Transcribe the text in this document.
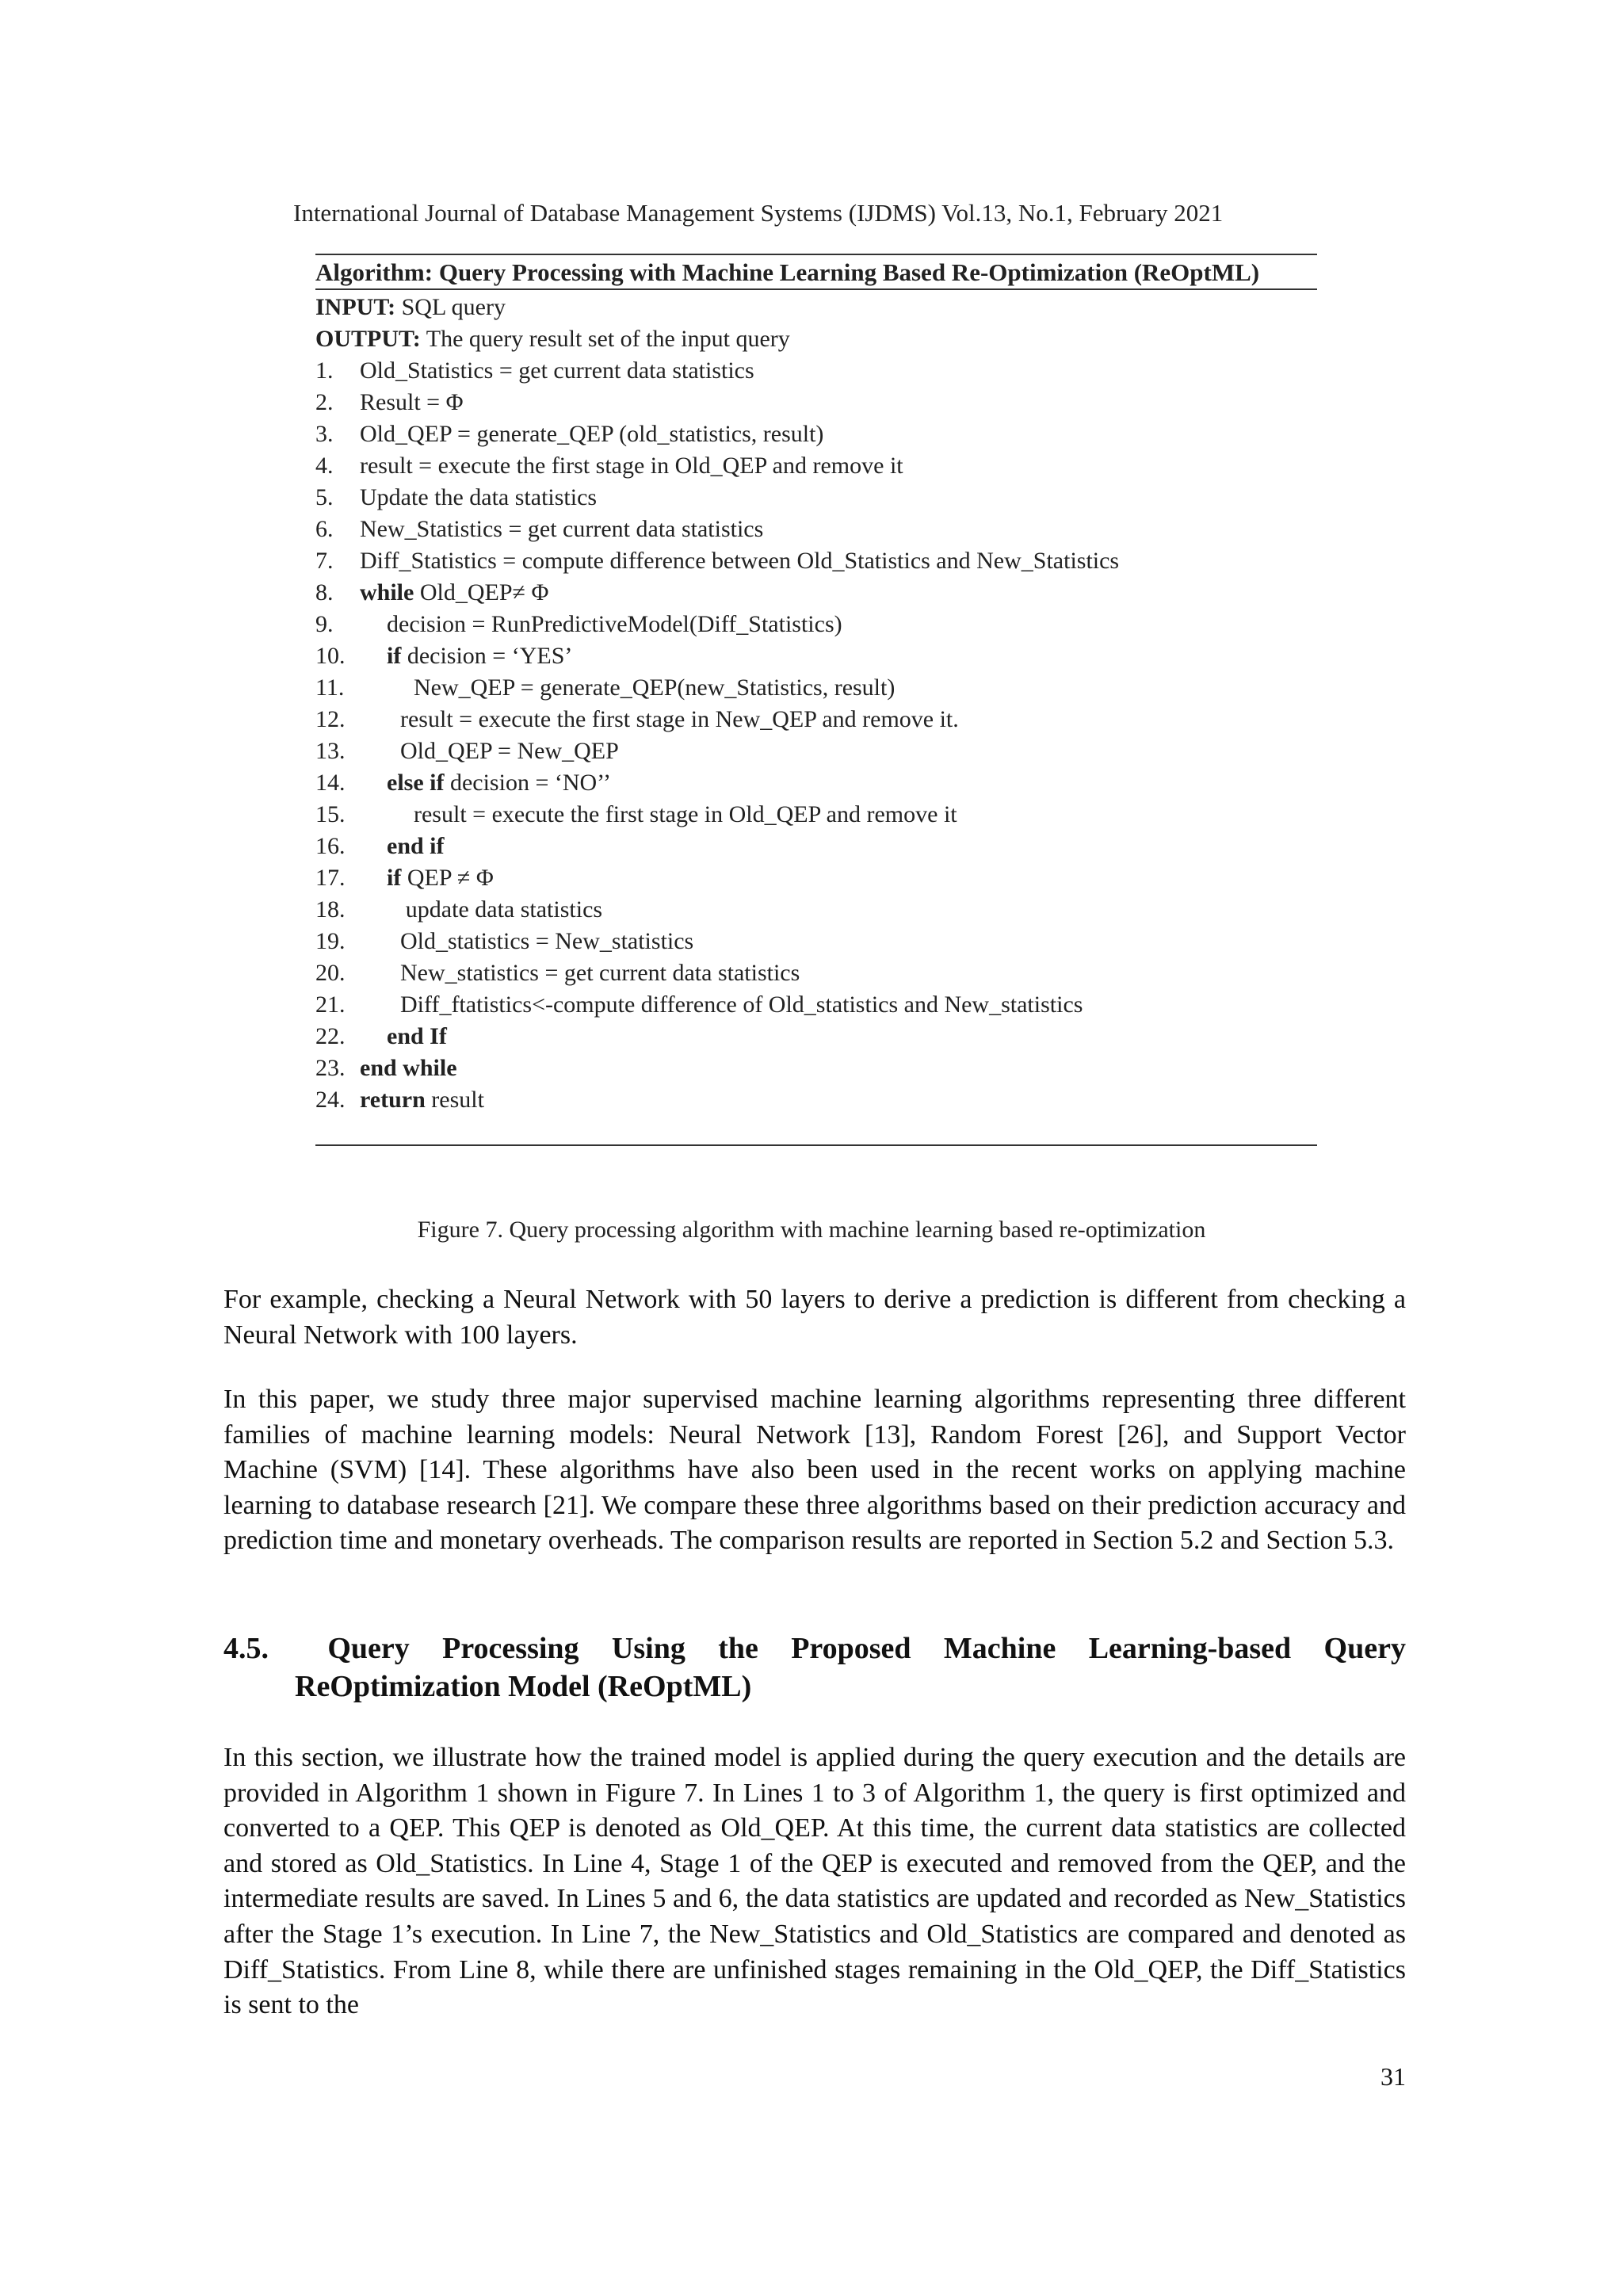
International Journal of Database Management Systems (IJDMS) Vol.13, No.1, February 2021
Algorithm: Query Processing with Machine Learning Based Re-Optimization (ReOptML)
INPUT: SQL query
OUTPUT: The query result set of the input query
1.	Old_Statistics = get current data statistics
2.	Result = Φ
3.	Old_QEP = generate_QEP (old_statistics, result)
4.	result = execute the first stage in Old_QEP and remove it
5.	Update the data statistics
6.	New_Statistics = get current data statistics
7.	Diff_Statistics = compute difference between Old_Statistics and New_Statistics
8.	while Old_QEP≠ Φ
9.	decision = RunPredictiveModel(Diff_Statistics)
10.	if decision = ‘YES’
11.	New_QEP = generate_QEP(new_Statistics, result)
12.	result = execute the first stage in New_QEP and remove it.
13.	Old_QEP = New_QEP
14.	else if decision = ‘NO’’
15.	result = execute the first stage in Old_QEP and remove it
16.	end if
17.	if QEP ≠ Φ
18.	update data statistics
19.	Old_statistics = New_statistics
20.	New_statistics = get current data statistics
21.	Diff_ftatistics<-compute difference of Old_statistics and New_statistics
22.	end If
23. end while
24. return result
Figure 7. Query processing algorithm with machine learning based re-optimization
For example, checking a Neural Network with 50 layers to derive a prediction is different from checking a Neural Network with 100 layers.
In this paper, we study three major supervised machine learning algorithms representing three different families of machine learning models: Neural Network [13], Random Forest [26], and Support Vector Machine (SVM) [14]. These algorithms have also been used in the recent works on applying machine learning to database research [21]. We compare these three algorithms based on their prediction accuracy and prediction time and monetary overheads. The comparison results are reported in Section 5.2 and Section 5.3.
4.5.	Query Processing Using the Proposed Machine Learning-based Query
ReOptimization Model (ReOptML)
In this section, we illustrate how the trained model is applied during the query execution and the details are provided in Algorithm 1 shown in Figure 7. In Lines 1 to 3 of Algorithm 1, the query is first optimized and converted to a QEP. This QEP is denoted as Old_QEP. At this time, the current data statistics are collected and stored as Old_Statistics. In Line 4, Stage 1 of the QEP is executed and removed from the QEP, and the intermediate results are saved. In Lines 5 and 6, the data statistics are updated and recorded as New_Statistics after the Stage 1’s execution. In Line 7, the New_Statistics and Old_Statistics are compared and denoted as Diff_Statistics. From Line 8, while there are unfinished stages remaining in the Old_QEP, the Diff_Statistics is sent to the
31
